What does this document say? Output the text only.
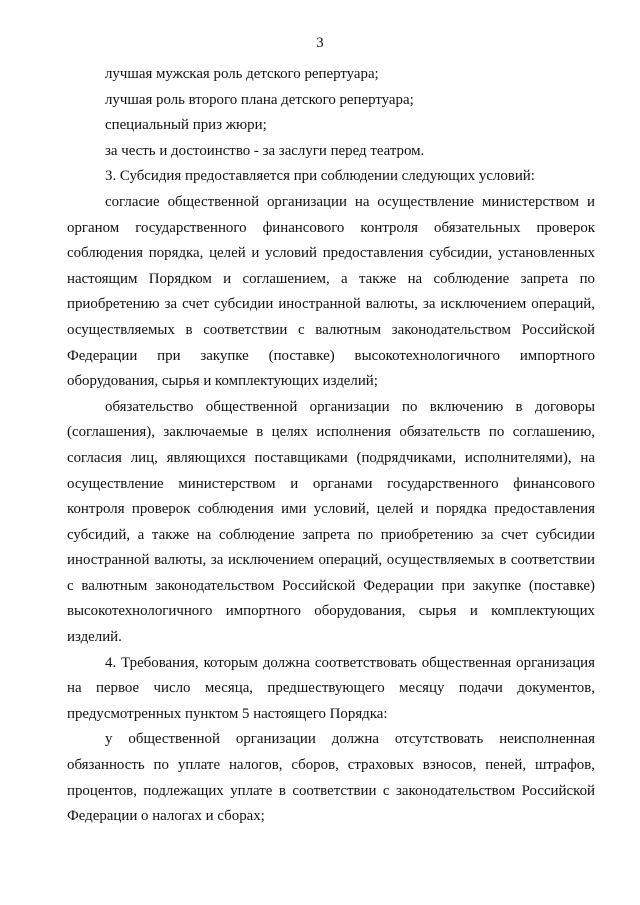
3

лучшая мужская роль детского репертуара;

лучшая роль второго плана детского репертуара;

специальный приз жюри;

за честь и достоинство - за заслуги перед театром.

3. Субсидия предоставляется при соблюдении следующих условий:

согласие общественной организации на осуществление министерством и органом государственного финансового контроля обязательных проверок соблюдения порядка, целей и условий предоставления субсидии, установленных настоящим Порядком и соглашением, а также на соблюдение запрета по приобретению за счет субсидии иностранной валюты, за исключением операций, осуществляемых в соответствии с валютным законодательством Российской Федерации при закупке (поставке) высокотехнологичного импортного оборудования, сырья и комплектующих изделий;

обязательство общественной организации по включению в договоры (соглашения), заключаемые в целях исполнения обязательств по соглашению, согласия лиц, являющихся поставщиками (подрядчиками, исполнителями), на осуществление министерством и органами государственного финансового контроля проверок соблюдения ими условий, целей и порядка предоставления субсидий, а также на соблюдение запрета по приобретению за счет субсидии иностранной валюты, за исключением операций, осуществляемых в соответствии с валютным законодательством Российской Федерации при закупке (поставке) высокотехнологичного импортного оборудования, сырья и комплектующих изделий.

4. Требования, которым должна соответствовать общественная организация на первое число месяца, предшествующего месяцу подачи документов, предусмотренных пунктом 5 настоящего Порядка:

у общественной организации должна отсутствовать неисполненная обязанность по уплате налогов, сборов, страховых взносов, пеней, штрафов, процентов, подлежащих уплате в соответствии с законодательством Российской Федерации о налогах и сборах;
